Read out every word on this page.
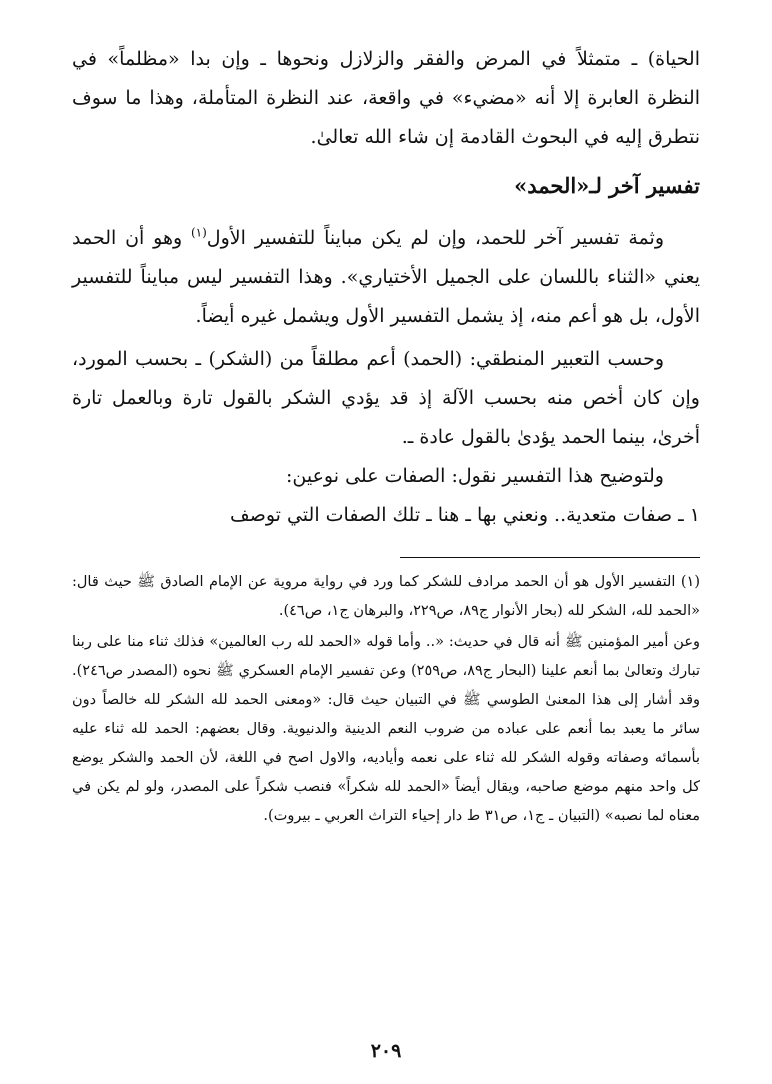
الحياة) ـ متمثلاً في المرض والفقر والزلازل ونحوها ـ وإن بدا «مظلماً» في النظرة العابرة إلا أنه «مضيء» في واقعة، عند النظرة المتأملة، وهذا ما سوف نتطرق إليه في البحوث القادمة إن شاء الله تعالىٰ.

تفسير آخر لـ«الحمد»

وثمة تفسير آخر للحمد، وإن لم يكن مبايناً للتفسير الأول$^{(١)}$ وهو أن الحمد يعني «الثناء باللسان على الجميل الأختياري». وهذا التفسير ليس مبايناً للتفسير الأول، بل هو أعم منه، إذ يشمل التفسير الأول ويشمل غيره أيضاً.

وحسب التعبير المنطقي: (الحمد) أعم مطلقاً من (الشكر) ـ بحسب المورد، وإن كان أخص منه بحسب الآلة إذ قد يؤدي الشكر بالقول تارة وبالعمل تارة أخرىٰ، بينما الحمد يؤدىٰ بالقول عادة ـ.

ولتوضيح هذا التفسير نقول: الصفات على نوعين:

١ ـ صفات متعدية.. ونعني بها ـ هنا ـ تلك الصفات التي توصف

(١) التفسير الأول هو أن الحمد مرادف للشكر كما ورد في رواية مروية عن الإمام الصادق ﷺ حيث قال: «الحمد لله، الشكر لله (بحار الأنوار ج٨٩، ص٢٢٩، والبرهان ج١، ص٤٦).

وعن أمير المؤمنين ﷺ أنه قال في حديث: «.. وأما قوله «الحمد لله رب العالمين» فذلك ثناء منا على ربنا تبارك وتعالىٰ بما أنعم علينا (البحار ج٨٩، ص٢٥٩) وعن تفسير الإمام العسكري ﷺ نحوه (المصدر ص٢٤٦). وقد أشار إلى هذا المعنىٰ الطوسي ﷺ في التبيان حيث قال: «ومعنى الحمد لله الشكر لله خالصاً دون سائر ما يعبد بما أنعم على عباده من ضروب النعم الدينية والدنيوية. وقال بعضهم: الحمد لله ثناء عليه بأسمائه وصفاته وقوله الشكر لله ثناء على نعمه وأياديه، والاول اصح في اللغة، لأن الحمد والشكر يوضع كل واحد منهم موضع صاحبه، ويقال أيضاً «الحمد لله شكراً» فنصب شكراً على المصدر، ولو لم يكن في معناه لما نصبه» (التبيان ـ ج١، ص٣١ ط دار إحياء التراث العربي ـ بيروت).

٢٠٩
